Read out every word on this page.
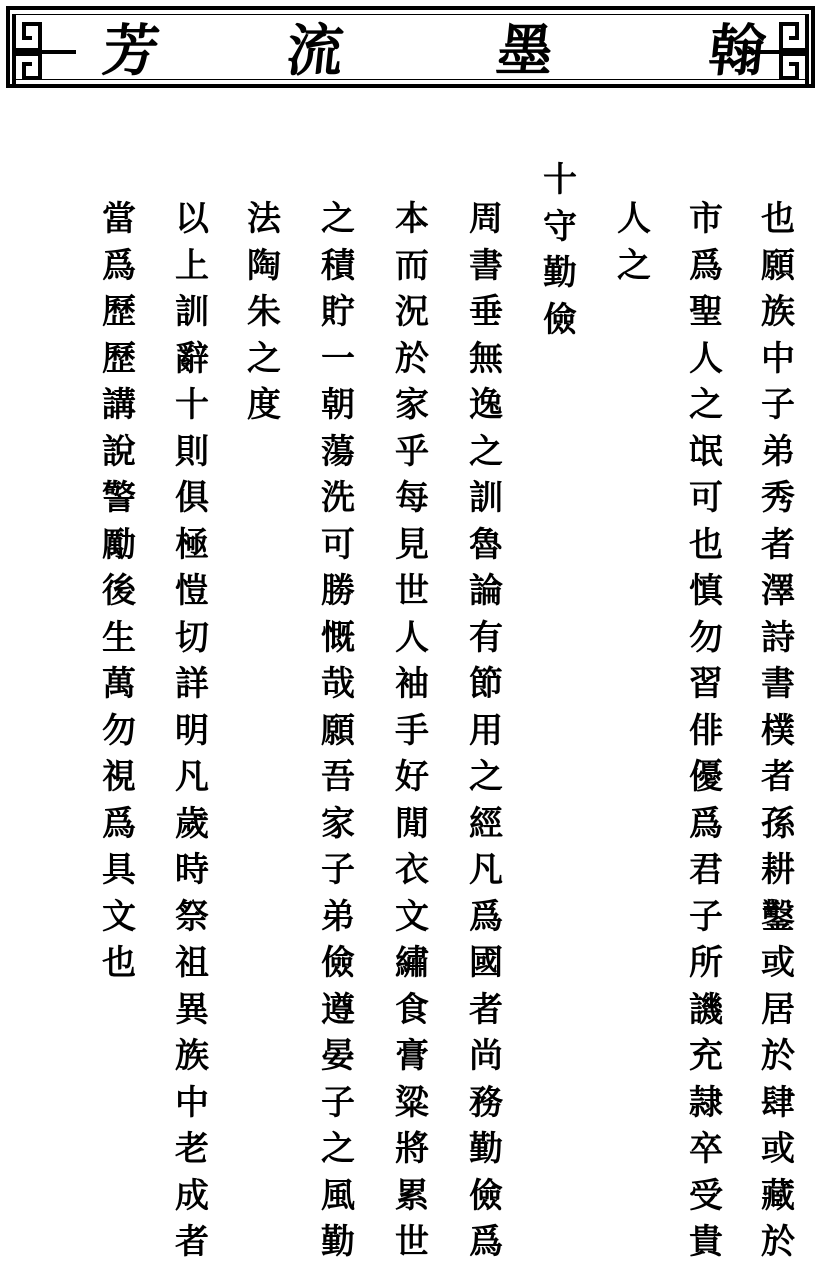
翰
墨
流
芳
也願族中子弟秀者澤詩書樸者孫耕鑿或居於肆或藏於
市爲聖人之氓可也慎勿習俳優爲君子所譏充隷卒受貴
人之
十守勤儉
周書垂無逸之訓魯論有節用之經凡爲國者尚務勤儉爲
本而況於家乎每見世人袖手好閒衣文繡食膏粱將累世
之積貯一朝蕩洗可勝慨哉願吾家子弟儉遵晏子之風勤
法陶朱之度
以上訓辭十則俱極愷切詳明凡歲時祭祖異族中老成者
當爲歷歷講說警勵後生萬勿視爲具文也
